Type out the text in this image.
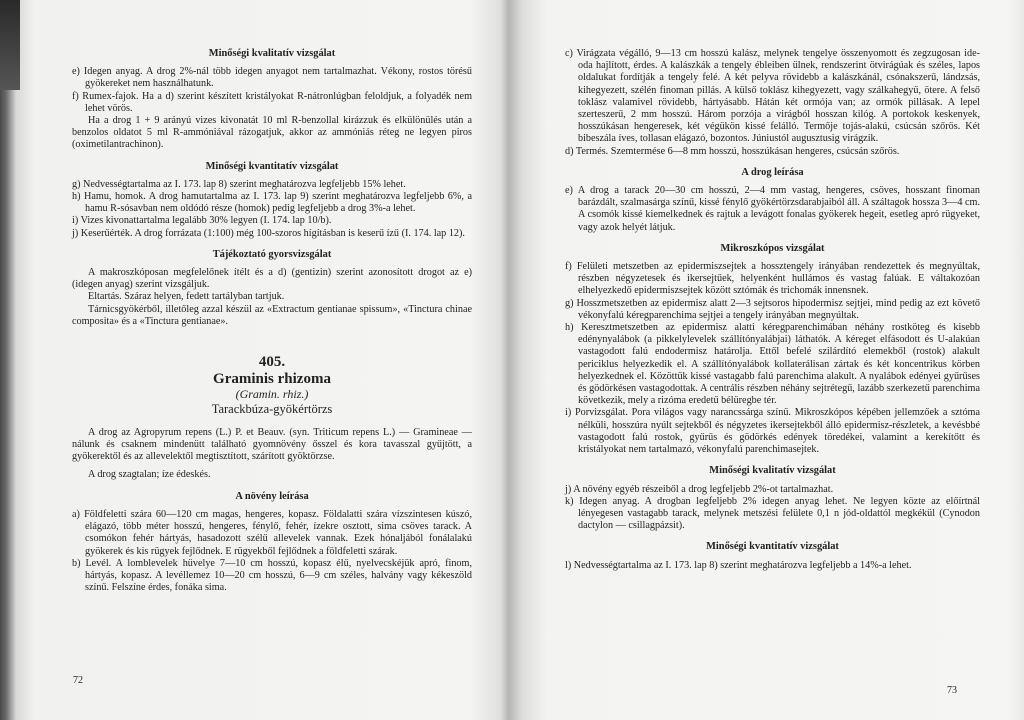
Minőségi kvalitatív vizsgálat

e) Idegen anyag. A drog 2%-nál több idegen anyagot nem tartalmazhat. Vékony, rostos törésű gyökereket nem használhatunk.

f) Rumex-fajok. Ha a d) szerint készített kristályokat R-nátronlúgban feloldjuk, a folyadék nem lehet vörös.

Ha a drog 1 + 9 arányú vizes kivonatát 10 ml R-benzollal kirázzuk és elkülönülés után a benzolos oldatot 5 ml R-ammóniával rázogatjuk, akkor az ammóniás réteg ne legyen piros (oximetilantrachinon).

Minőségi kvantitatív vizsgálat

g) Nedvességtartalma az I. 173. lap 8) szerint meghatározva legfeljebb 15% lehet.

h) Hamu, homok. A drog hamutartalma az I. 173. lap 9) szerint meghatározva legfeljebb 6%, a hamu R-sósavban nem oldódó része (homok) pedig legfeljebb a drog 3%-a lehet.

i) Vizes kivonattartalma legalább 30% legyen (I. 174. lap 10/b).

j) Keserűérték. A drog forrázata (1:100) még 100-szoros hígításban is keserű ízű (I. 174. lap 12).

Tájékoztató gyorsvizsgálat

A makroszkóposan megfelelőnek ítélt és a d) (gentizin) szerint azonosított drogot az e) (idegen anyag) szerint vizsgáljuk.

Eltartás. Száraz helyen, fedett tartályban tartjuk.

Tárnicsgyökérből, illetőleg azzal készül az «Extractum gentianae spissum», «Tinctura chinae composita» és a «Tinctura gentianae».

405.
Graminis rhizoma
(Gramin. rhiz.)
Tarackbúza-gyökértörzs

A drog az Agropyrum repens (L.) P. et Beauv. (syn. Triticum repens L.) — Gramineae — nálunk és csaknem mindenütt található gyomnövény ősszel és kora tavasszal gyűjtött, a gyökerektől és az allevelektől megtisztított, szárított gyöktörzse.

A drog szagtalan; íze édeskés.

A növény leírása

a) Földfeletti szára 60—120 cm magas, hengeres, kopasz. Földalatti szára vízszintesen kúszó, elágazó, több méter hosszú, hengeres, fénylő, fehér, ízekre osztott, sima csöves tarack. A csomókon fehér hártyás, hasadozott szélű allevelek vannak. Ezek hónaljából fonálalakú gyökerek és kis rügyek fejlődnek. E rügyekből fejlődnek a földfeletti szárak.

b) Levél. A lomblevelek hüvelye 7—10 cm hosszú, kopasz élű, nyelvecskéjük apró, finom, hártyás, kopasz. A levéllemez 10—20 cm hosszú, 6—9 cm széles, halvány vagy kékeszöld színű. Felszíne érdes, fonáka sima.

72

c) Virágzata végálló, 9—13 cm hosszú kalász, melynek tengelye összenyomott és zegzugosan ide-oda hajlított, érdes. A kalászkák a tengely ébleiben ülnek, rendszerint ötvirágúak és széles, lapos oldalukat fordítják a tengely felé. A két pelyva rövidebb a kalászkánál, csónakszerű, lándzsás, kihegyezett, szélén finoman pillás. A külső toklász kihegyezett, vagy szálkahegyű, ötere. A felső toklász valamivel rövidebb, hártyásabb. Hátán két ormója van; az ormók pillásak. A lepel szerteszerű, 2 mm hosszú. Három porzója a virágból hosszan kilóg. A portokok keskenyek, hosszúkásan hengeresek, két végükön kissé felálló. Termője tojás-alakú, csúcsán szőrös. Két bibeszála íves, tollasan elágazó, bozontos. Júniustól augusztusig virágzik.

d) Termés. Szemtermése 6—8 mm hosszú, hosszúkásan hengeres, csúcsán szőrös.

A drog leírása

e) A drog a tarack 20—30 cm hosszú, 2—4 mm vastag, hengeres, csöves, hosszant finoman barázdált, szalmasárga színű, kissé fénylő gyökértörzsdarabjaiból áll. A száltagok hossza 3—4 cm. A csomók kissé kiemelkednek és rajtuk a levágott fonalas gyökerek hegeit, esetleg apró rügyeket, vagy azok helyét látjuk.

Mikroszkópos vizsgálat

f) Felületi metszetben az epidermiszsejtek a hossztengely irányában rendezettek és megnyúltak, részben négyzetesek és ikersejtűek, helyenként hullámos és vastag falúak. E váltakozóan elhelyezkedő epidermiszsejtek között sztómák és trichomák innensnek.

g) Hosszmetszetben az epidermisz alatt 2—3 sejtsoros hipodermisz sejtjei, mind pedig az ezt követő vékonyfalú kéregparenchima sejtjei a tengely irányában megnyúltak.

h) Keresztmetszetben az epidermisz alatti kéregparenchimában néhány rostköteg és kisebb edénynyalábok (a pikkelylevelek szállítónyalábjai) láthatók. A kéreget elfásodott és U-alakúan vastagodott falú endodermisz határolja. Ettől befelé szilárdító elemekből (rostok) alakult periciklus helyezkedik el. A szállítónyalábok kollaterálisan zártak és két koncentrikus körben helyezkednek el. Közöttük kissé vastagabb falú parenchima alakult. A nyalábok edényei gyűrűses és gödörkésen vastagodottak. A centrális részben néhány sejtrétegű, lazább szerkezetű parenchima következik, mely a rizóma eredetű bélüregbe tér.

i) Porvizsgálat. Pora világos vagy narancssárga színű. Mikroszkópos képében jellemzőek a sztóma nélküli, hosszúra nyúlt sejtekből és négyzetes ikersejtekből álló epidermisz-részletek, a kevésbbé vastagodott falú rostok, gyűrűs és gödörkés edények töredékei, valamint a kerekítőtt és kristályokat nem tartalmazó, vékonyfalú parenchimasejtek.

Minőségi kvalitatív vizsgálat

j) A növény egyéb részeiből a drog legfeljebb 2%-ot tartalmazhat.

k) Idegen anyag. A drogban legfeljebb 2% idegen anyag lehet. Ne legyen közte az előírtnál lényegesen vastagabb tarack, melynek metszési felülete 0,1 n jód-oldattól megkékül (Cynodon dactylon — csillagpázsit).

Minőségi kvantitatív vizsgálat

l) Nedvességtartalma az I. 173. lap 8) szerint meghatározva legfeljebb a 14%-a lehet.

73
